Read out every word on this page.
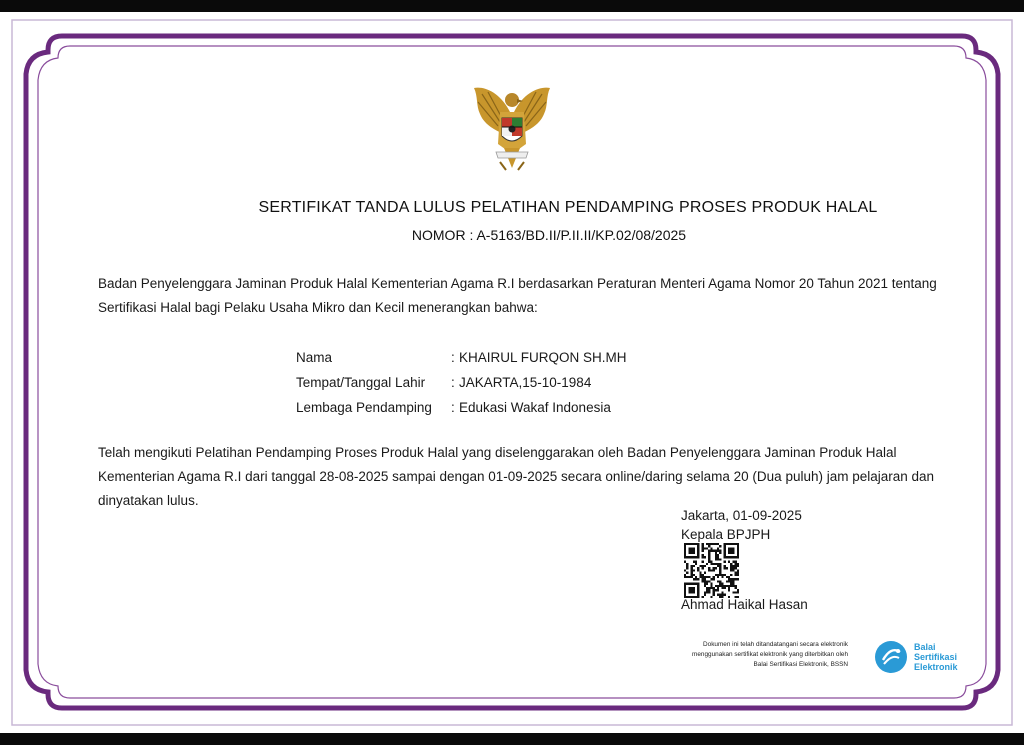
SERTIFIKAT TANDA LULUS PELATIHAN PENDAMPING PROSES PRODUK HALAL
NOMOR : A-5163/BD.II/P.II.II/KP.02/08/2025
Badan Penyelenggara Jaminan Produk Halal Kementerian Agama R.I berdasarkan Peraturan Menteri Agama Nomor 20 Tahun 2021 tentang Sertifikasi Halal bagi Pelaku Usaha Mikro dan Kecil menerangkan bahwa:
Nama	: KHAIRUL FURQON SH.MH
Tempat/Tanggal Lahir	: JAKARTA,15-10-1984
Lembaga Pendamping	: Edukasi Wakaf Indonesia
Telah mengikuti Pelatihan Pendamping Proses Produk Halal yang diselenggarakan oleh Badan Penyelenggara Jaminan Produk Halal Kementerian Agama R.I dari tanggal 28-08-2025 sampai dengan 01-09-2025 secara online/daring selama 20 (Dua puluh) jam pelajaran dan dinyatakan lulus.
Jakarta, 01-09-2025
Kepala BPJPH
Ahmad Haikal Hasan
Dokumen ini telah ditandatangani secara elektronik
menggunakan sertifikat elektronik yang diterbitkan oleh
Balai Sertifikasi Elektronik, BSSN
Balai
Sertifikasi
Elektronik
